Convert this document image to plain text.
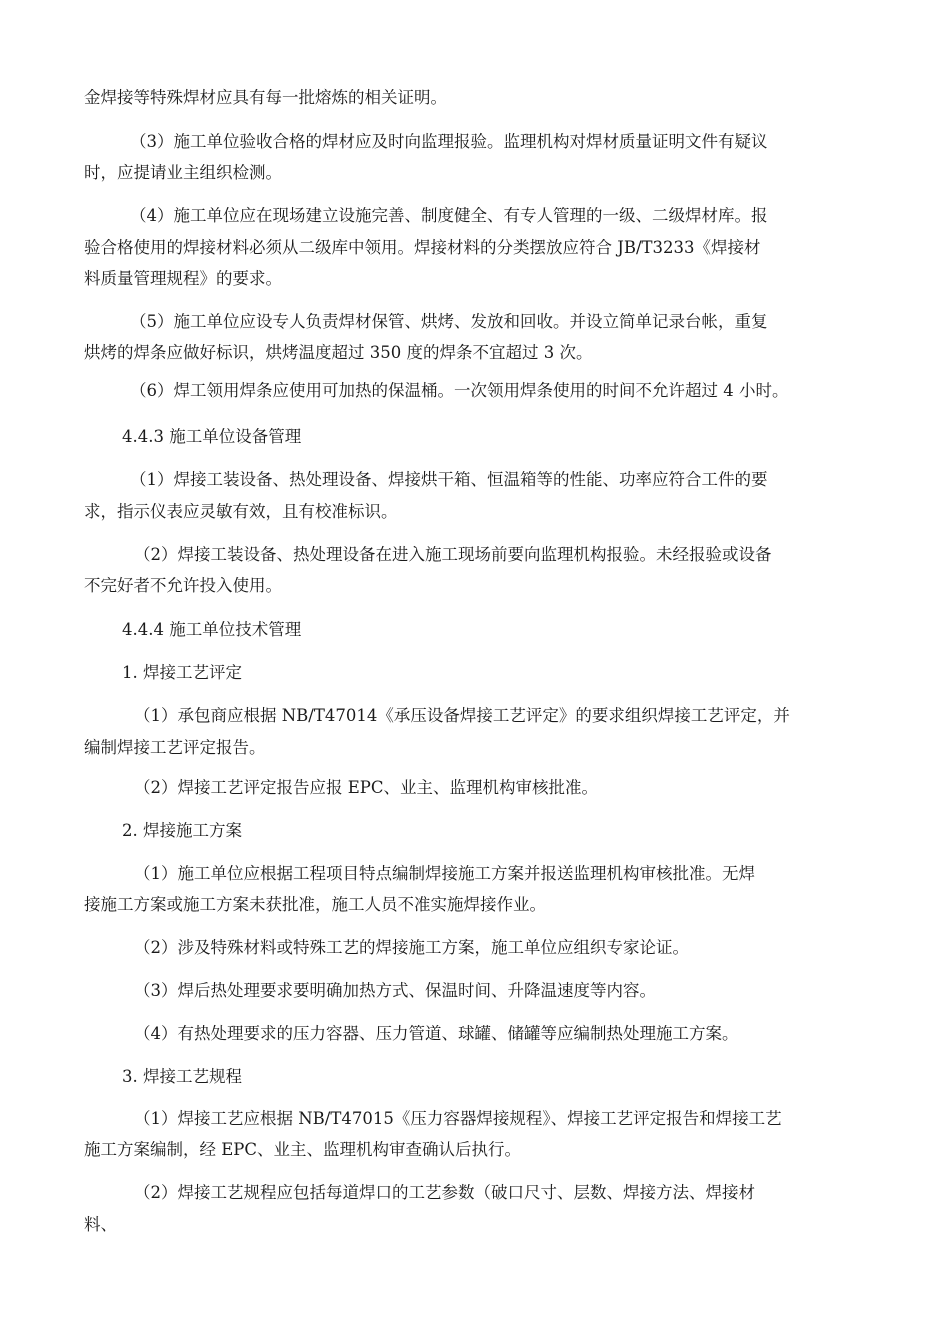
金焊接等特殊焊材应具有每一批熔炼的相关证明。
（3）施工单位验收合格的焊材应及时向监理报验。监理机构对焊材质量证明文件有疑议
时，应提请业主组织检测。
（4）施工单位应在现场建立设施完善、制度健全、有专人管理的一级、二级焊材库。报
验合格使用的焊接材料必须从二级库中领用。焊接材料的分类摆放应符合 JB/T3233《焊接材
料质量管理规程》的要求。
（5）施工单位应设专人负责焊材保管、烘烤、发放和回收。并设立简单记录台帐，重复
烘烤的焊条应做好标识，烘烤温度超过 350 度的焊条不宜超过 3 次。
（6）焊工领用焊条应使用可加热的保温桶。一次领用焊条使用的时间不允许超过 4 小时。
4.4.3 施工单位设备管理
（1）焊接工装设备、热处理设备、焊接烘干箱、恒温箱等的性能、功率应符合工件的要
求，指示仪表应灵敏有效，且有校准标识。
（2）焊接工装设备、热处理设备在进入施工现场前要向监理机构报验。未经报验或设备
不完好者不允许投入使用。
4.4.4 施工单位技术管理
1. 焊接工艺评定
（1）承包商应根据 NB/T47014《承压设备焊接工艺评定》的要求组织焊接工艺评定，并
编制焊接工艺评定报告。
（2）焊接工艺评定报告应报 EPC、业主、监理机构审核批准。
2. 焊接施工方案
（1）施工单位应根据工程项目特点编制焊接施工方案并报送监理机构审核批准。无焊
接施工方案或施工方案未获批准，施工人员不准实施焊接作业。
（2）涉及特殊材料或特殊工艺的焊接施工方案，施工单位应组织专家论证。
（3）焊后热处理要求要明确加热方式、保温时间、升降温速度等内容。
（4）有热处理要求的压力容器、压力管道、球罐、储罐等应编制热处理施工方案。
3. 焊接工艺规程
（1）焊接工艺应根据 NB/T47015《压力容器焊接规程》、焊接工艺评定报告和焊接工艺
施工方案编制，经 EPC、业主、监理机构审查确认后执行。
（2）焊接工艺规程应包括每道焊口的工艺参数（破口尺寸、层数、焊接方法、焊接材
料、
